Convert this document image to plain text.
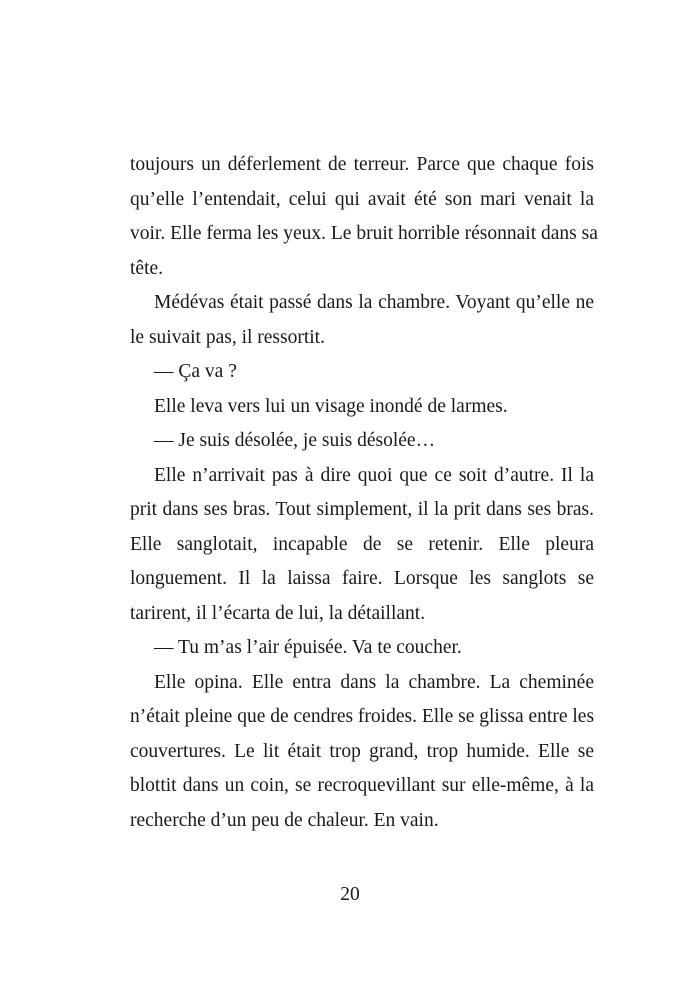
toujours un déferlement de terreur. Parce que chaque fois
qu’elle l’entendait, celui qui avait été son mari venait la
voir. Elle ferma les yeux. Le bruit horrible résonnait dans sa
tête.
Médévas était passé dans la chambre. Voyant qu’elle ne
le suivait pas, il ressortit.
— Ça va ?
Elle leva vers lui un visage inondé de larmes.
— Je suis désolée, je suis désolée…
Elle n’arrivait pas à dire quoi que ce soit d’autre. Il la
prit dans ses bras. Tout simplement, il la prit dans ses bras.
Elle sanglotait, incapable de se retenir. Elle pleura
longuement. Il la laissa faire. Lorsque les sanglots se
tarirent, il l’écarta de lui, la détaillant.
— Tu m’as l’air épuisée. Va te coucher.
Elle opina. Elle entra dans la chambre. La cheminée
n’était pleine que de cendres froides. Elle se glissa entre les
couvertures. Le lit était trop grand, trop humide. Elle se
blottit dans un coin, se recroquevillant sur elle-même, à la
recherche d’un peu de chaleur. En vain.
20
